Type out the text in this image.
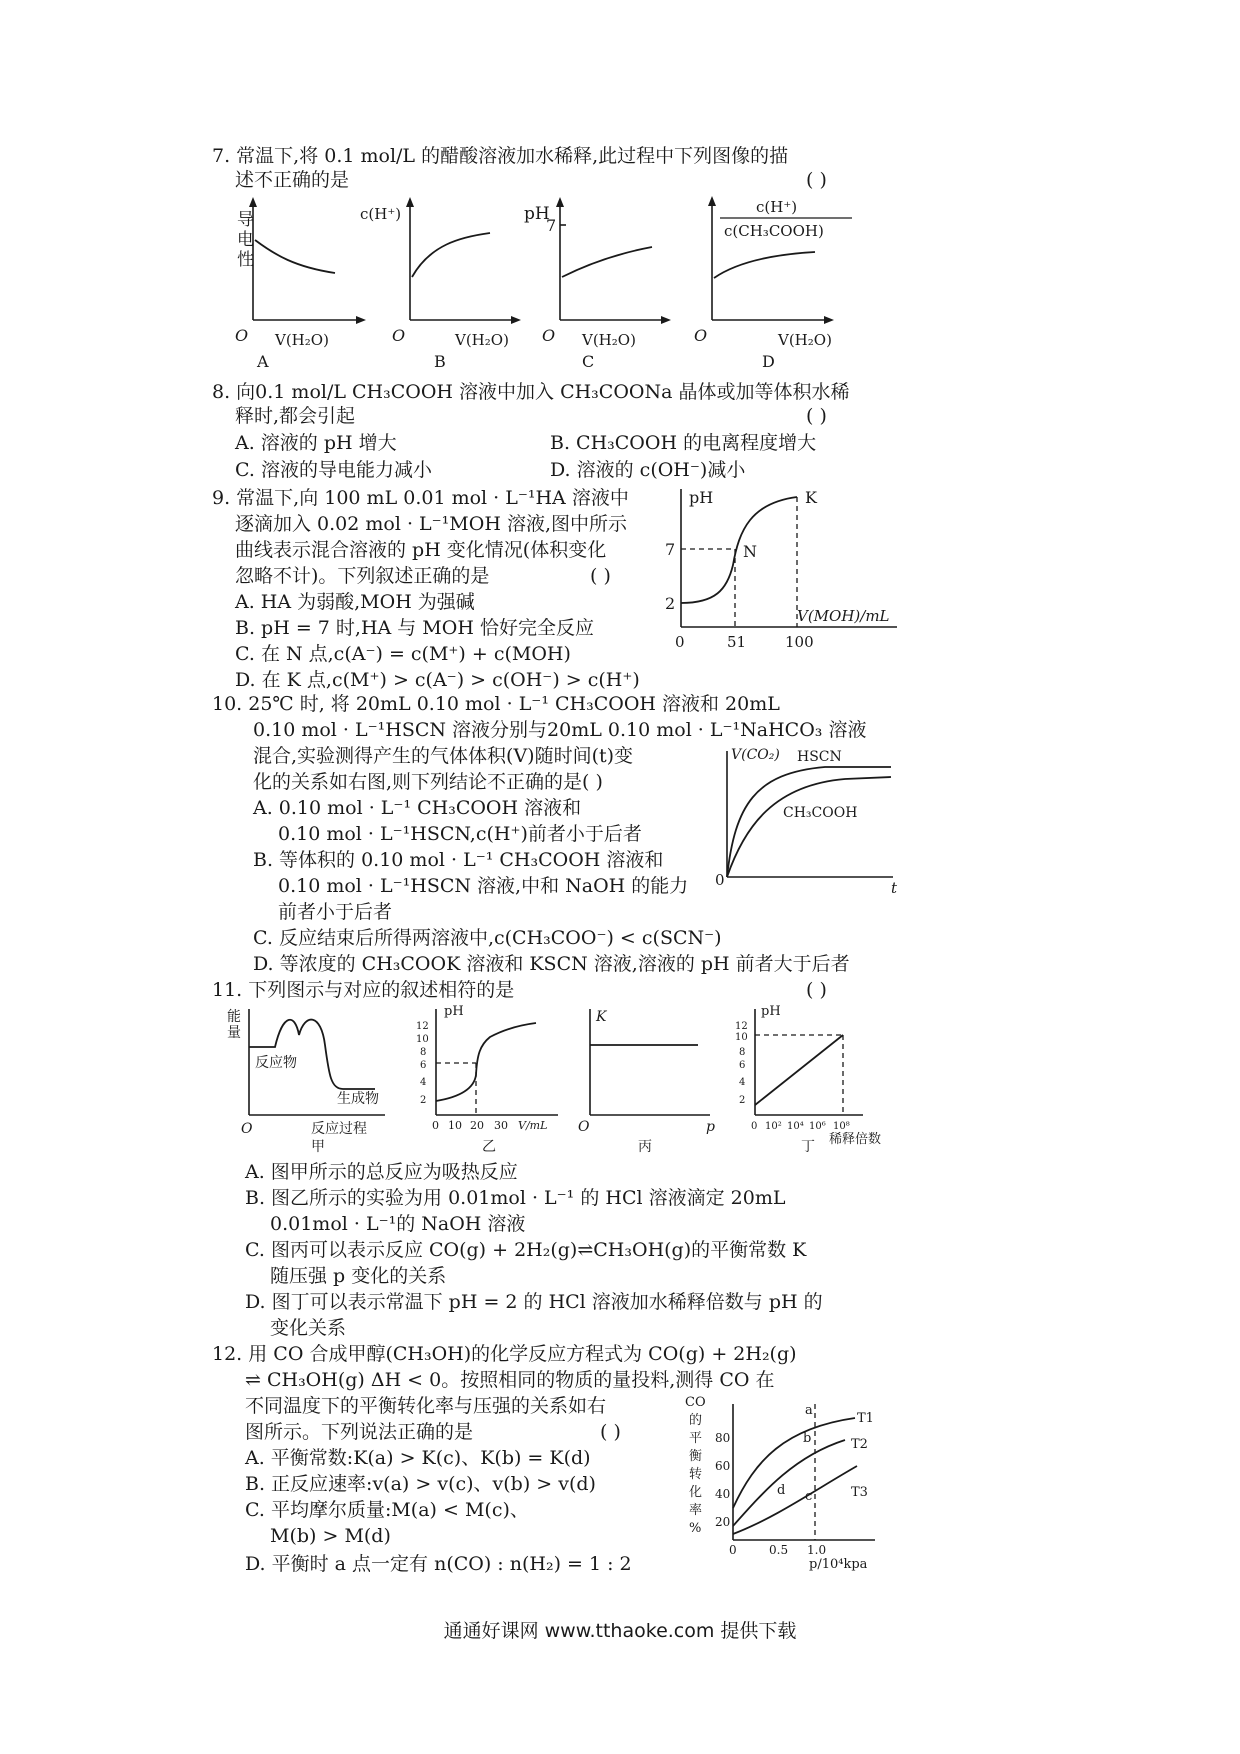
7. 常温下,将 0.1 mol/L 的醋酸溶液加水稀释,此过程中下列图像的描
述不正确的是	( )
导
电
性
O V(H₂O)
A
c(H⁺)
O	V(H₂O)
B
pH
7
O V(H₂O)
C
c(H⁺)
c(CH₃COOH)
O	V(H₂O)
D
8. 向0.1 mol/L CH₃COOH 溶液中加入 CH₃COONa 晶体或加等体积水稀
释时,都会引起	( )
A. 溶液的 pH 增大	B. CH₃COOH 的电离程度增大
C. 溶液的导电能力减小	D. 溶液的 c(OH⁻)减小
9. 常温下,向 100 mL 0.01 mol · L⁻¹HA 溶液中
逐滴加入 0.02 mol · L⁻¹MOH 溶液,图中所示
曲线表示混合溶液的 pH 变化情况(体积变化
忽略不计)。下列叙述正确的是	( )
A. HA 为弱酸,MOH 为强碱
B. pH = 7 时,HA 与 MOH 恰好完全反应
C. 在 N 点,c(A⁻) = c(M⁺) + c(MOH)
D. 在 K 点,c(M⁺) > c(A⁻) > c(OH⁻) > c(H⁺)
pH
7
2
N
K
V(MOH)/mL
0	51	100
10. 25℃ 时, 将 20mL 0.10 mol · L⁻¹ CH₃COOH 溶液和 20mL
0.10 mol · L⁻¹HSCN 溶液分别与20mL 0.10 mol · L⁻¹NaHCO₃ 溶液
混合,实验测得产生的气体体积(V)随时间(t)变
化的关系如右图,则下列结论不正确的是( )
A. 0.10 mol · L⁻¹ CH₃COOH 溶液和
0.10 mol · L⁻¹HSCN,c(H⁺)前者小于后者
B. 等体积的 0.10 mol · L⁻¹ CH₃COOH 溶液和
0.10 mol · L⁻¹HSCN 溶液,中和 NaOH 的能力
前者小于后者
C. 反应结束后所得两溶液中,c(CH₃COO⁻) < c(SCN⁻)
D. 等浓度的 CH₃COOK 溶液和 KSCN 溶液,溶液的 pH 前者大于后者
V(CO₂) HSCN
CH₃COOH
0	t
11. 下列图示与对应的叙述相符的是	( )
能
量
反应物
生成物
O	反应过程
甲
pH
12
10
8
6
4
2
0 10 20 30 V/mL
乙
K
O	p
丙
pH
12
10
8
6
4
2
0 10² 10⁴ 10⁶ 10⁸
稀释倍数
丁
A. 图甲所示的总反应为吸热反应
B. 图乙所示的实验为用 0.01mol · L⁻¹ 的 HCl 溶液滴定 20mL
0.01mol · L⁻¹的 NaOH 溶液
C. 图丙可以表示反应 CO(g) + 2H₂(g)⇌CH₃OH(g)的平衡常数 K
随压强 p 变化的关系
D. 图丁可以表示常温下 pH = 2 的 HCl 溶液加水稀释倍数与 pH 的
变化关系
12. 用 CO 合成甲醇(CH₃OH)的化学反应方程式为 CO(g) + 2H₂(g)
⇌ CH₃OH(g) ΔH < 0。按照相同的物质的量投料,测得 CO 在
不同温度下的平衡转化率与压强的关系如右
图所示。下列说法正确的是	( )
A. 平衡常数:K(a) > K(c)、K(b) = K(d)
B. 正反应速率:v(a) > v(c)、v(b) > v(d)
C. 平均摩尔质量:M(a) < M(c)、
M(b) > M(d)
D. 平衡时 a 点一定有 n(CO) : n(H₂) = 1 : 2
CO
的
平
衡
转
化
率
%
80
60
40
20
0	0.5 1.0
p/10⁴kpa
T1
T2
T3
a
b
c
d
通通好课网 www.tthaoke.com 提供下载
